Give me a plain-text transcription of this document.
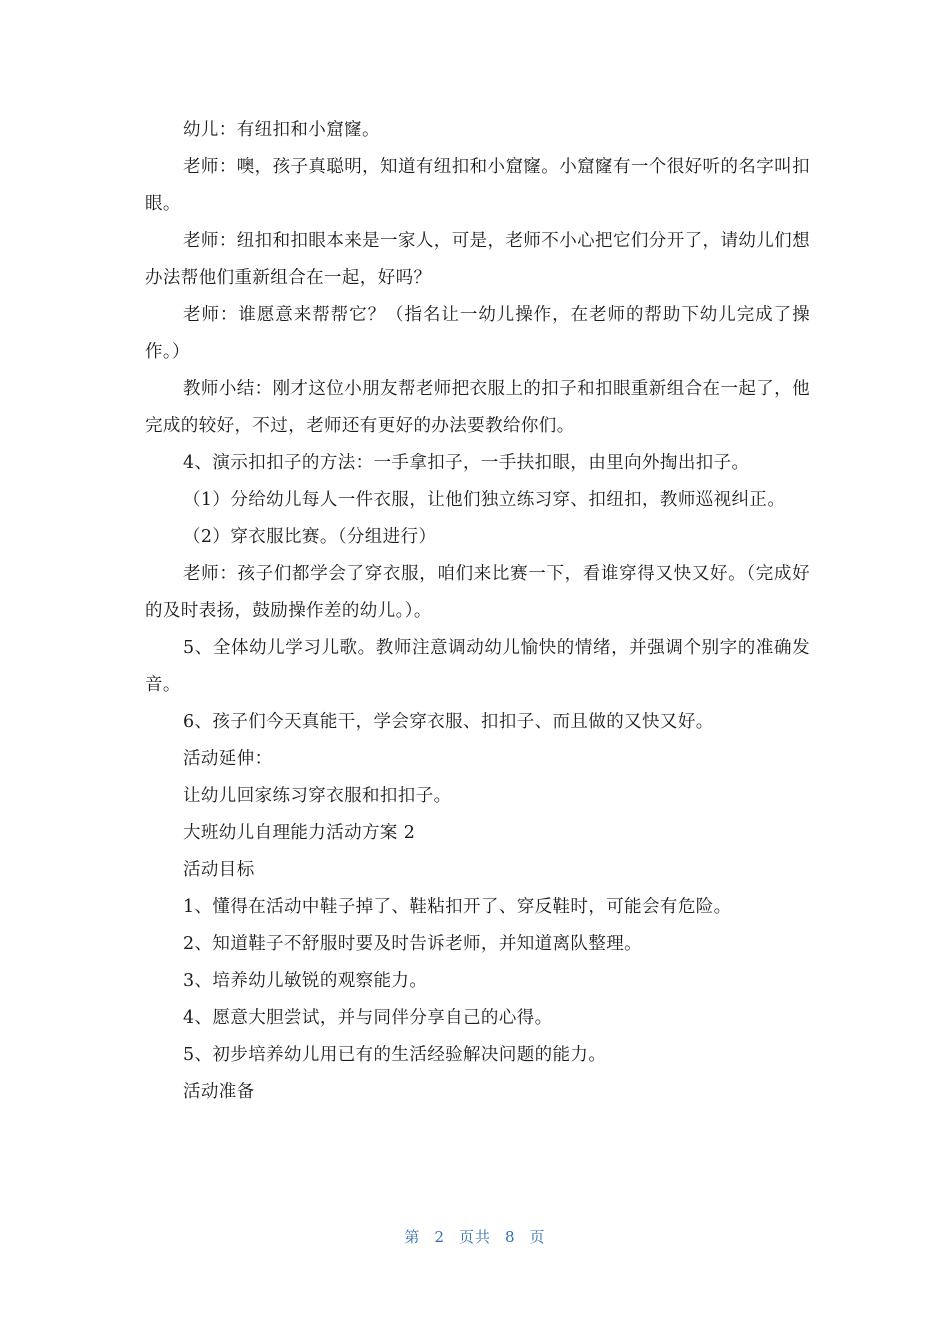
幼儿：有纽扣和小窟窿。

老师：噢，孩子真聪明，知道有纽扣和小窟窿。小窟窿有一个很好听的名字叫扣眼。

老师：纽扣和扣眼本来是一家人，可是，老师不小心把它们分开了，请幼儿们想办法帮他们重新组合在一起，好吗？

老师：谁愿意来帮帮它？（指名让一幼儿操作，在老师的帮助下幼儿完成了操作。）

教师小结：刚才这位小朋友帮老师把衣服上的扣子和扣眼重新组合在一起了，他完成的较好，不过，老师还有更好的办法要教给你们。

4、演示扣扣子的方法：一手拿扣子，一手扶扣眼，由里向外掏出扣子。

（1）分给幼儿每人一件衣服，让他们独立练习穿、扣纽扣，教师巡视纠正。

（2）穿衣服比赛。（分组进行）

老师：孩子们都学会了穿衣服，咱们来比赛一下，看谁穿得又快又好。（完成好的及时表扬，鼓励操作差的幼儿。）。

5、全体幼儿学习儿歌。教师注意调动幼儿愉快的情绪，并强调个别字的准确发音。

6、孩子们今天真能干，学会穿衣服、扣扣子、而且做的又快又好。

活动延伸：

让幼儿回家练习穿衣服和扣扣子。

大班幼儿自理能力活动方案 2

活动目标

1、懂得在活动中鞋子掉了、鞋粘扣开了、穿反鞋时，可能会有危险。

2、知道鞋子不舒服时要及时告诉老师，并知道离队整理。

3、培养幼儿敏锐的观察能力。

4、愿意大胆尝试，并与同伴分享自己的心得。

5、初步培养幼儿用已有的生活经验解决问题的能力。

活动准备

第 2 页共 8 页
